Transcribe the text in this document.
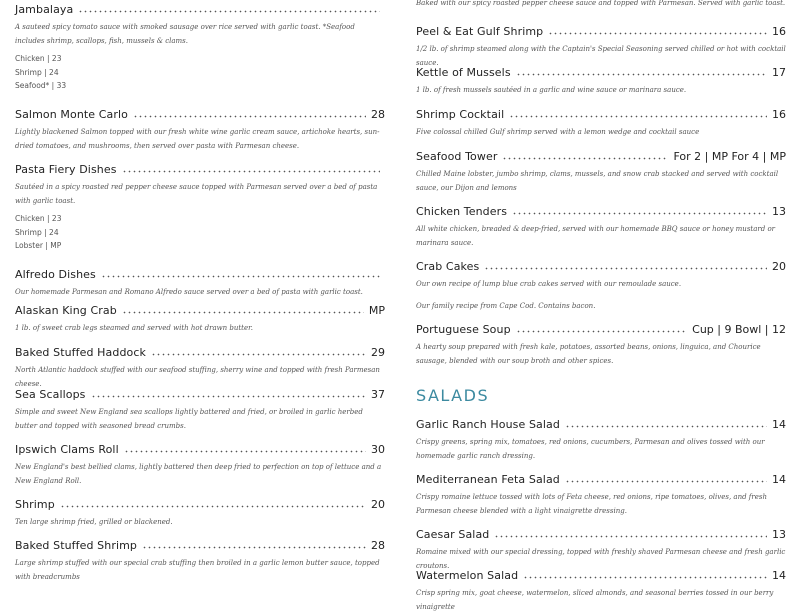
Jambalaya
A sauteed spicy tomato sauce with smoked sausage over rice served with garlic toast. *Seafood includes shrimp, scallops, fish, mussels & clams.
Chicken | 23
Shrimp | 24
Seafood* | 33
Salmon Monte Carlo	28
Lightly blackened Salmon topped with our fresh white wine garlic cream sauce, artichoke hearts, sun-dried tomatoes, and mushrooms, then served over pasta with Parmesan cheese.
Pasta Fiery Dishes
Sautéed in a spicy roasted red pepper cheese sauce topped with Parmesan served over a bed of pasta with garlic toast.
Chicken | 23
Shrimp | 24
Lobster | MP
Alfredo Dishes
Our homemade Parmesan and Romano Alfredo sauce served over a bed of pasta with garlic toast.
Alaskan King Crab	MP
1 lb. of sweet crab legs steamed and served with hot drawn butter.
Baked Stuffed Haddock	29
North Atlantic haddock stuffed with our seafood stuffing, sherry wine and topped with fresh Parmesan cheese.
Sea Scallops	37
Simple and sweet New England sea scallops lightly battered and fried, or broiled in garlic herbed butter and topped with seasoned bread crumbs.
Ipswich Clams Roll	30
New England's best bellied clams, lightly battered then deep fried to perfection on top of lettuce and a New England Roll.
Shrimp	20
Ten large shrimp fried, grilled or blackened.
Baked Stuffed Shrimp	28
Large shrimp stuffed with our special crab stuffing then broiled in a garlic lemon butter sauce, topped with breadcrumbs
Baked with our spicy roasted pepper cheese sauce and topped with Parmesan. Served with garlic toast.
Peel & Eat Gulf Shrimp	16
1/2 lb. of shrimp steamed along with the Captain's Special Seasoning served chilled or hot with cocktail sauce.
Kettle of Mussels	17
1 lb. of fresh mussels sautéed in a garlic and wine sauce or marinara sauce.
Shrimp Cocktail	16
Five colossal chilled Gulf shrimp served with a lemon wedge and cocktail sauce
Seafood Tower	For 2 | MP For 4 | MP
Chilled Maine lobster, jumbo shrimp, clams, mussels, and snow crab stacked and served with cocktail sauce, our Dijon and lemons
Chicken Tenders	13
All white chicken, breaded & deep-fried, served with our homemade BBQ sauce or honey mustard or marinara sauce.
Crab Cakes	20
Our own recipe of lump blue crab cakes served with our remoulade sauce.
Our family recipe from Cape Cod. Contains bacon.
Portuguese Soup	Cup | 9 Bowl | 12
A hearty soup prepared with fresh kale, potatoes, assorted beans, onions, linguica, and Chourice sausage, blended with our soup broth and other spices.
SALADS
Garlic Ranch House Salad	14
Crispy greens, spring mix, tomatoes, red onions, cucumbers, Parmesan and olives tossed with our homemade garlic ranch dressing.
Mediterranean Feta Salad	14
Crispy romaine lettuce tossed with lots of Feta cheese, red onions, ripe tomatoes, olives, and fresh Parmesan cheese blended with a light vinaigrette dressing.
Caesar Salad	13
Romaine mixed with our special dressing, topped with freshly shaved Parmesan cheese and fresh garlic croutons.
Watermelon Salad	14
Crisp spring mix, goat cheese, watermelon, sliced almonds, and seasonal berries tossed in our berry vinaigrette
